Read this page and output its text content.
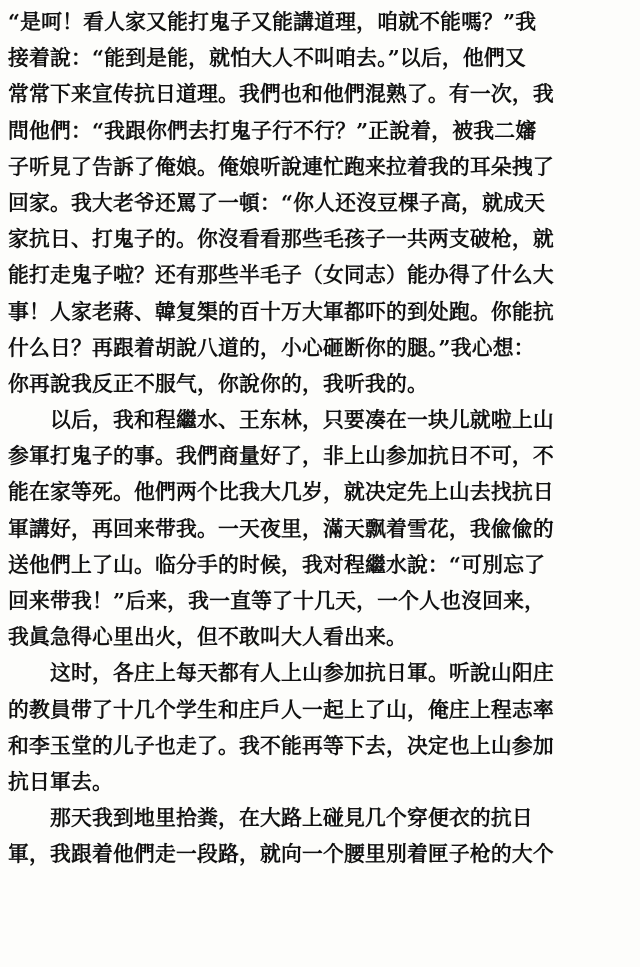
“是呵！看人家又能打鬼子又能講道理，咱就不能嗎？”我
接着說：“能到是能，就怕大人不叫咱去。”以后，他們又
常常下来宣传抗日道理。我們也和他們混熟了。有一次，我
問他們：“我跟你們去打鬼子行不行？”正說着，被我二嬸
子听見了告訴了俺娘。俺娘听說連忙跑来拉着我的耳朵拽了
回家。我大老爷还罵了一頓：“你人还沒豆棵子高，就成天
家抗日、打鬼子的。你沒看看那些毛孩子一共两支破枪，就
能打走鬼子啦？还有那些半毛子（女同志）能办得了什么大
事！人家老蔣、韓复榘的百十万大軍都吓的到处跑。你能抗
什么日？再跟着胡說八道的，小心砸断你的腿。”我心想：
你再說我反正不服气，你說你的，我听我的。
以后，我和程繼水、王东林，只要凑在一块儿就啦上山
参軍打鬼子的事。我們商量好了，非上山参加抗日不可，不
能在家等死。他們两个比我大几岁，就决定先上山去找抗日
軍講好，再回来带我。一天夜里，滿天飘着雪花，我偸偸的
送他們上了山。临分手的时候，我对程繼水說：“可別忘了
回来带我！”后来，我一直等了十几天，一个人也沒回来，
我眞急得心里出火，但不敢叫大人看出来。
这时，各庄上每天都有人上山参加抗日軍。听說山阳庄
的教員带了十几个学生和庄戶人一起上了山，俺庄上程志率
和李玉堂的儿子也走了。我不能再等下去，决定也上山参加
抗日軍去。
那天我到地里拾粪，在大路上碰見几个穿便衣的抗日
軍，我跟着他們走一段路，就向一个腰里別着匣子枪的大个
